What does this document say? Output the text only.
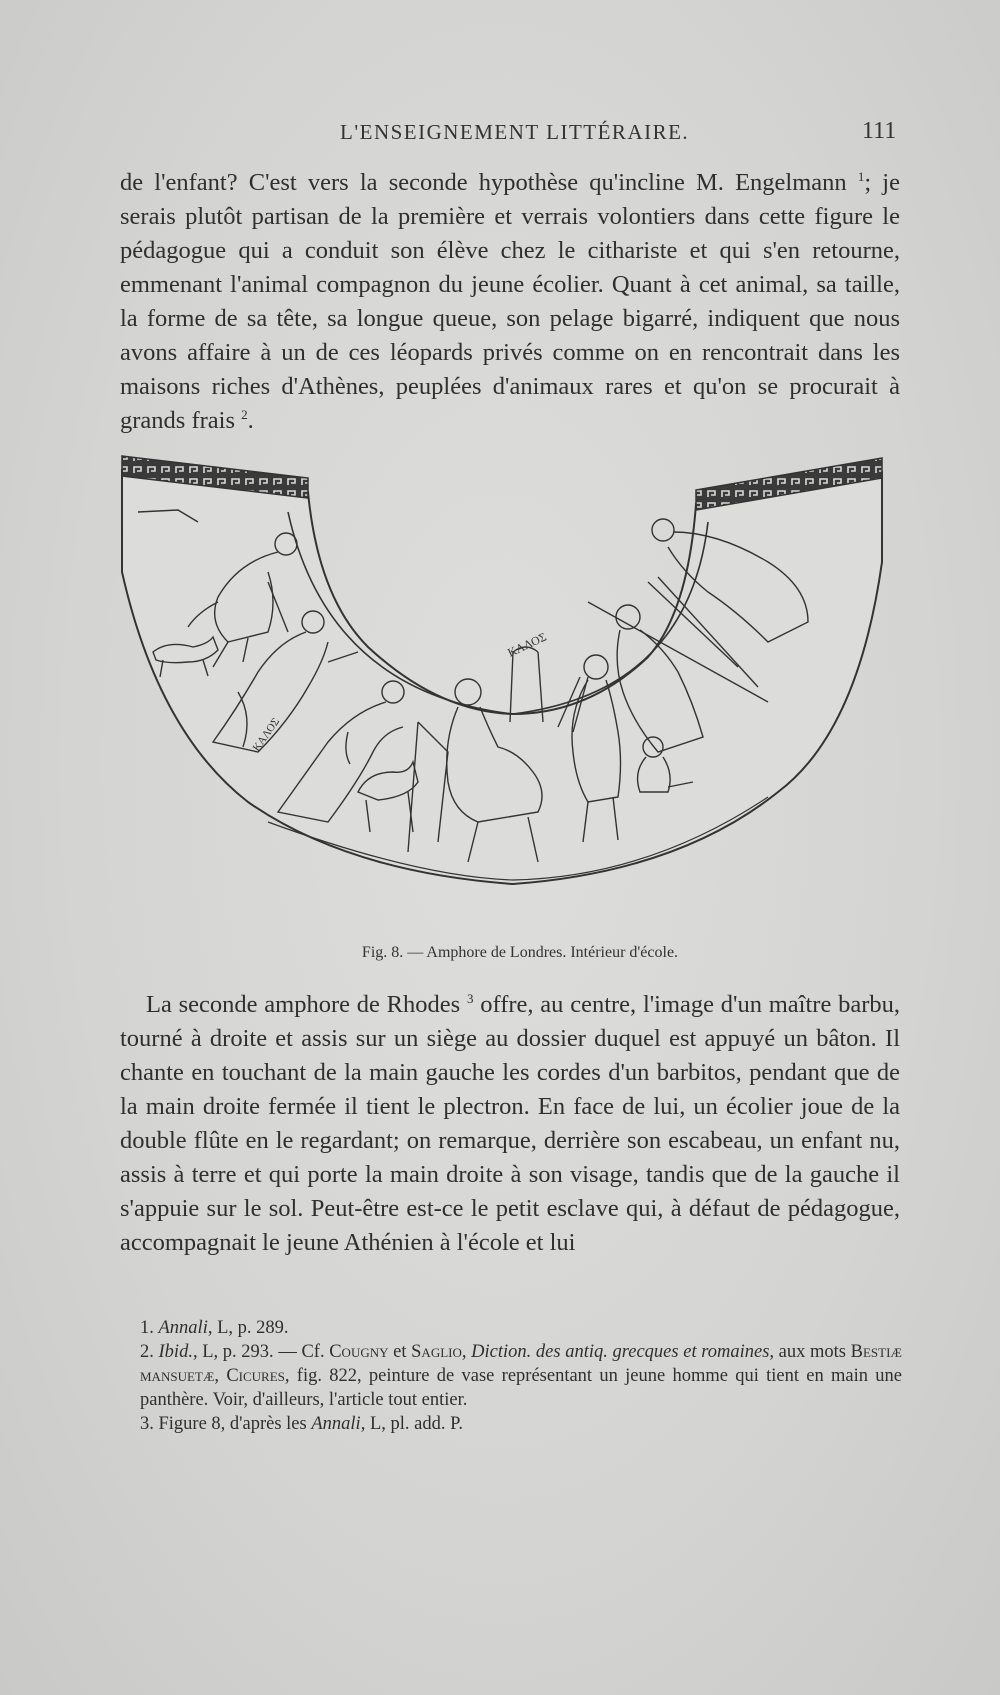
L'ENSEIGNEMENT LITTÉRAIRE.	111

de l'enfant? C'est vers la seconde hypothèse qu'incline M. Engelmann $^1$; je serais plutôt partisan de la première et verrais volontiers dans cette figure le pédagogue qui a conduit son élève chez le cithariste et qui s'en retourne, emmenant l'animal compagnon du jeune écolier. Quant à cet animal, sa taille, la forme de sa tête, sa longue queue, son pelage bigarré, indiquent que nous avons affaire à un de ces léopards privés comme on en rencontrait dans les maisons riches d'Athènes, peuplées d'animaux rares et qu'on se procurait à grands frais $^2$.

ΚΑΛΟΣ
ΚΑΛΟΣ
Fig. 8. — Amphore de Londres. Intérieur d'école.

La seconde amphore de Rhodes $^3$ offre, au centre, l'image d'un maître barbu, tourné à droite et assis sur un siège au dossier duquel est appuyé un bâton. Il chante en touchant de la main gauche les cordes d'un barbitos, pendant que de la main droite fermée il tient le plectron. En face de lui, un écolier joue de la double flûte en le regardant; on remarque, derrière son escabeau, un enfant nu, assis à terre et qui porte la main droite à son visage, tandis que de la gauche il s'appuie sur le sol. Peut-être est-ce le petit esclave qui, à défaut de pédagogue, accompagnait le jeune Athénien à l'école et lui

1. Annali, L, p. 289.

2. Ibid., L, p. 293. — Cf. Cougny et Saglio, Diction. des antiq. grecques et romaines, aux mots Bestiæ mansuetæ, Cicures, fig. 822, peinture de vase représentant un jeune homme qui tient en main une panthère. Voir, d'ailleurs, l'article tout entier.

3. Figure 8, d'après les Annali, L, pl. add. P.
